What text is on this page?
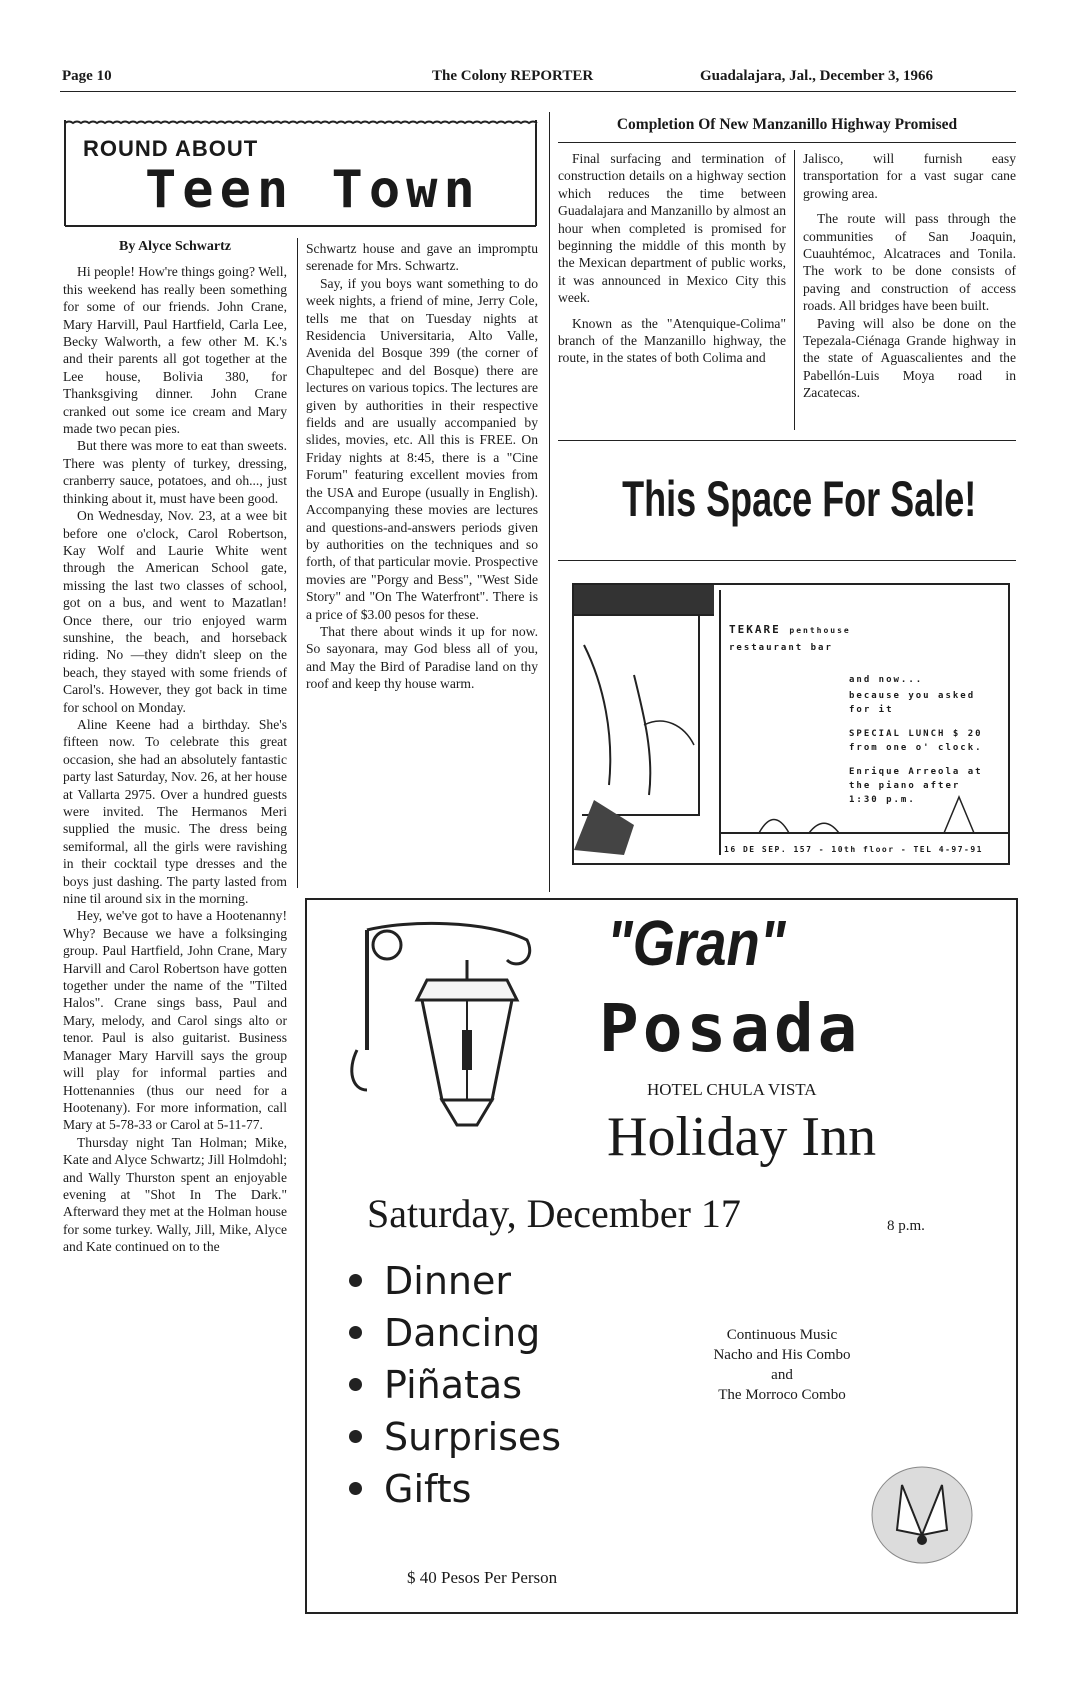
Page 10	The Colony REPORTER	Guadalajara, Jal., December 3, 1966
ROUND ABOUT
Teen Town
By Alyce Schwartz

Hi people! How're things going? Well, this weekend has really been something for some of our friends. John Crane, Mary Harvill, Paul Hartfield, Carla Lee, Becky Walworth, a few other M. K.'s and their parents all got together at the Lee house, Bolivia 380, for Thanksgiving dinner. John Crane cranked out some ice cream and Mary made two pecan pies.

But there was more to eat than sweets. There was plenty of turkey, dressing, cranberry sauce, potatoes, and oh..., just thinking about it, must have been good.

On Wednesday, Nov. 23, at a wee bit before one o'clock, Carol Robertson, Kay Wolf and Laurie White went through the American School gate, missing the last two classes of school, got on a bus, and went to Mazatlan! Once there, our trio enjoyed warm sunshine, the beach, and horseback riding. No —they didn't sleep on the beach, they stayed with some friends of Carol's. However, they got back in time for school on Monday.

Aline Keene had a birthday. She's fifteen now. To celebrate this great occasion, she had an absolutely fantastic party last Saturday, Nov. 26, at her house at Vallarta 2975. Over a hundred guests were invited. The Hermanos Meri supplied the music. The dress being semiformal, all the girls were ravishing in their cocktail type dresses and the boys just dashing. The party lasted from nine til around six in the morning.

Hey, we've got to have a Hootenanny! Why? Because we have a folksinging group. Paul Hartfield, John Crane, Mary Harvill and Carol Robertson have gotten together under the name of the "Tilted Halos". Crane sings bass, Paul and Mary, melody, and Carol sings alto or tenor. Paul is also guitarist. Business Manager Mary Harvill says the group will play for informal parties and Hottenannies (thus our need for a Hootenany). For more information, call Mary at 5-78-33 or Carol at 5-11-77.

Thursday night Tan Holman; Mike, Kate and Alyce Schwartz; Jill Holmdohl; and Wally Thurston spent an enjoyable evening at "Shot In The Dark." Afterward they met at the Holman house for some turkey. Wally, Jill, Mike, Alyce and Kate continued on to the

Schwartz house and gave an impromptu serenade for Mrs. Schwartz.

Say, if you boys want something to do week nights, a friend of mine, Jerry Cole, tells me that on Tuesday nights at Residencia Universitaria, Alto Valle, Avenida del Bosque 399 (the corner of Chapultepec and del Bosque) there are lectures on various topics. The lectures are given by authorities in their respective fields and are usually accompanied by slides, movies, etc. All this is FREE. On Friday nights at 8:45, there is a "Cine Forum" featuring excellent movies from the USA and Europe (usually in English). Accompanying these movies are lectures and questions-and-answers periods given by authorities on the techniques and so forth, of that particular movie. Prospective movies are "Porgy and Bess", "West Side Story" and "On The Waterfront". There is a price of $3.00 pesos for these.

That there about winds it up for now. So sayonara, may God bless all of you, and May the Bird of Paradise land on thy roof and keep thy house warm.

Completion Of New Manzanillo Highway Promised

Final surfacing and termination of construction details on a highway section which reduces the time between Guadalajara and Manzanillo by almost an hour when completed is promised for beginning the middle of this month by the Mexican department of public works, it was announced in Mexico City this week.

Known as the "Atenquique-Colima" branch of the Manzanillo highway, the route, in the states of both Colima and

Jalisco, will furnish easy transportation for a vast sugar cane growing area.

The route will pass through the communities of San Joaquin, Cuauhtémoc, Alcatraces and Tonila. The work to be done consists of paving and construction of access roads. All bridges have been built.

Paving will also be done on the Tepezala-Ciénaga Grande highway in the state of Aguascalientes and the Pabellón-Luis Moya road in Zacatecas.

This Space For Sale!
TEKARE penthouse
restaurant bar
and now...
because you asked
for it
SPECIAL LUNCH $ 20
from one o' clock.
Enrique Arreola at
the piano after
1:30 p.m.
16 DE SEP. 157 - 10th floor - TEL 4-97-91
"Gran"
Posada
HOTEL CHULA VISTA
Holiday Inn
Saturday, December 17	8 p.m.
Dinner
Dancing
Piñatas
Surprises
Gifts
Continuous Music
Nacho and His Combo
and
The Morroco Combo
$ 40 Pesos Per Person
